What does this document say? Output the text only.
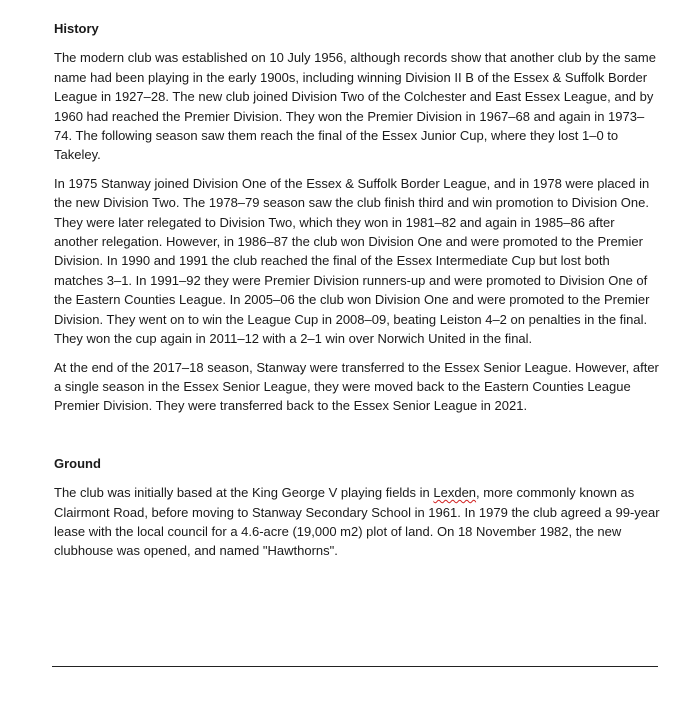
History

The modern club was established on 10 July 1956, although records show that another club by the same name had been playing in the early 1900s, including winning Division II B of the Essex & Suffolk Border League in 1927–28. The new club joined Division Two of the Colchester and East Essex League, and by 1960 had reached the Premier Division. They won the Premier Division in 1967–68 and again in 1973–74. The following season saw them reach the final of the Essex Junior Cup, where they lost 1–0 to Takeley.

In 1975 Stanway joined Division One of the Essex & Suffolk Border League, and in 1978 were placed in the new Division Two. The 1978–79 season saw the club finish third and win promotion to Division One. They were later relegated to Division Two, which they won in 1981–82 and again in 1985–86 after another relegation. However, in 1986–87 the club won Division One and were promoted to the Premier Division. In 1990 and 1991 the club reached the final of the Essex Intermediate Cup but lost both matches 3–1. In 1991–92 they were Premier Division runners-up and were promoted to Division One of the Eastern Counties League. In 2005–06 the club won Division One and were promoted to the Premier Division. They went on to win the League Cup in 2008–09, beating Leiston 4–2 on penalties in the final. They won the cup again in 2011–12 with a 2–1 win over Norwich United in the final.

At the end of the 2017–18 season, Stanway were transferred to the Essex Senior League. However, after a single season in the Essex Senior League, they were moved back to the Eastern Counties League Premier Division. They were transferred back to the Essex Senior League in 2021.

Ground

The club was initially based at the King George V playing fields in Lexden, more commonly known as Clairmont Road, before moving to Stanway Secondary School in 1961. In 1979 the club agreed a 99-year lease with the local council for a 4.6-acre (19,000 m2) plot of land. On 18 November 1982, the new clubhouse was opened, and named "Hawthorns".
